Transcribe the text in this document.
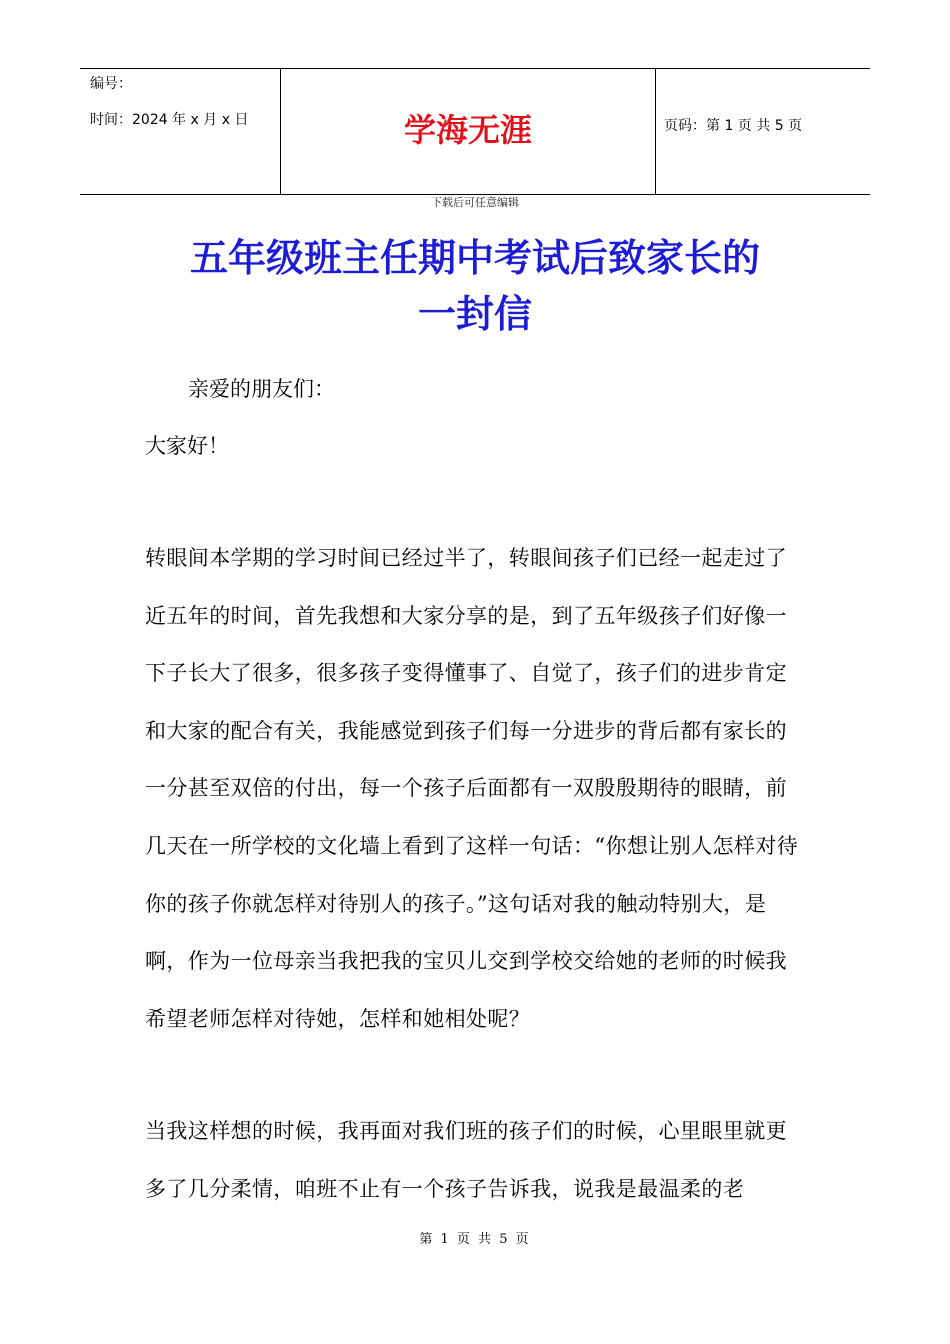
编号：
时间：2024 年 x 月 x 日	学海无涯	页码：第 1 页 共 5 页
下载后可任意编辑
五年级班主任期中考试后致家长的
一封信
亲爱的朋友们：
大家好！
转眼间本学期的学习时间已经过半了，转眼间孩子们已经一起走过了近五年的时间，首先我想和大家分享的是，到了五年级孩子们好像一下子长大了很多，很多孩子变得懂事了、自觉了，孩子们的进步肯定和大家的配合有关，我能感觉到孩子们每一分进步的背后都有家长的一分甚至双倍的付出，每一个孩子后面都有一双殷殷期待的眼睛，前几天在一所学校的文化墙上看到了这样一句话：“你想让别人怎样对待你的孩子你就怎样对待别人的孩子。”这句话对我的触动特别大，是啊，作为一位母亲当我把我的宝贝儿交到学校交给她的老师的时候我希望老师怎样对待她，怎样和她相处呢？
当我这样想的时候，我再面对我们班的孩子们的时候，心里眼里就更多了几分柔情，咱班不止有一个孩子告诉我，说我是最温柔的老
第 1 页 共 5 页
